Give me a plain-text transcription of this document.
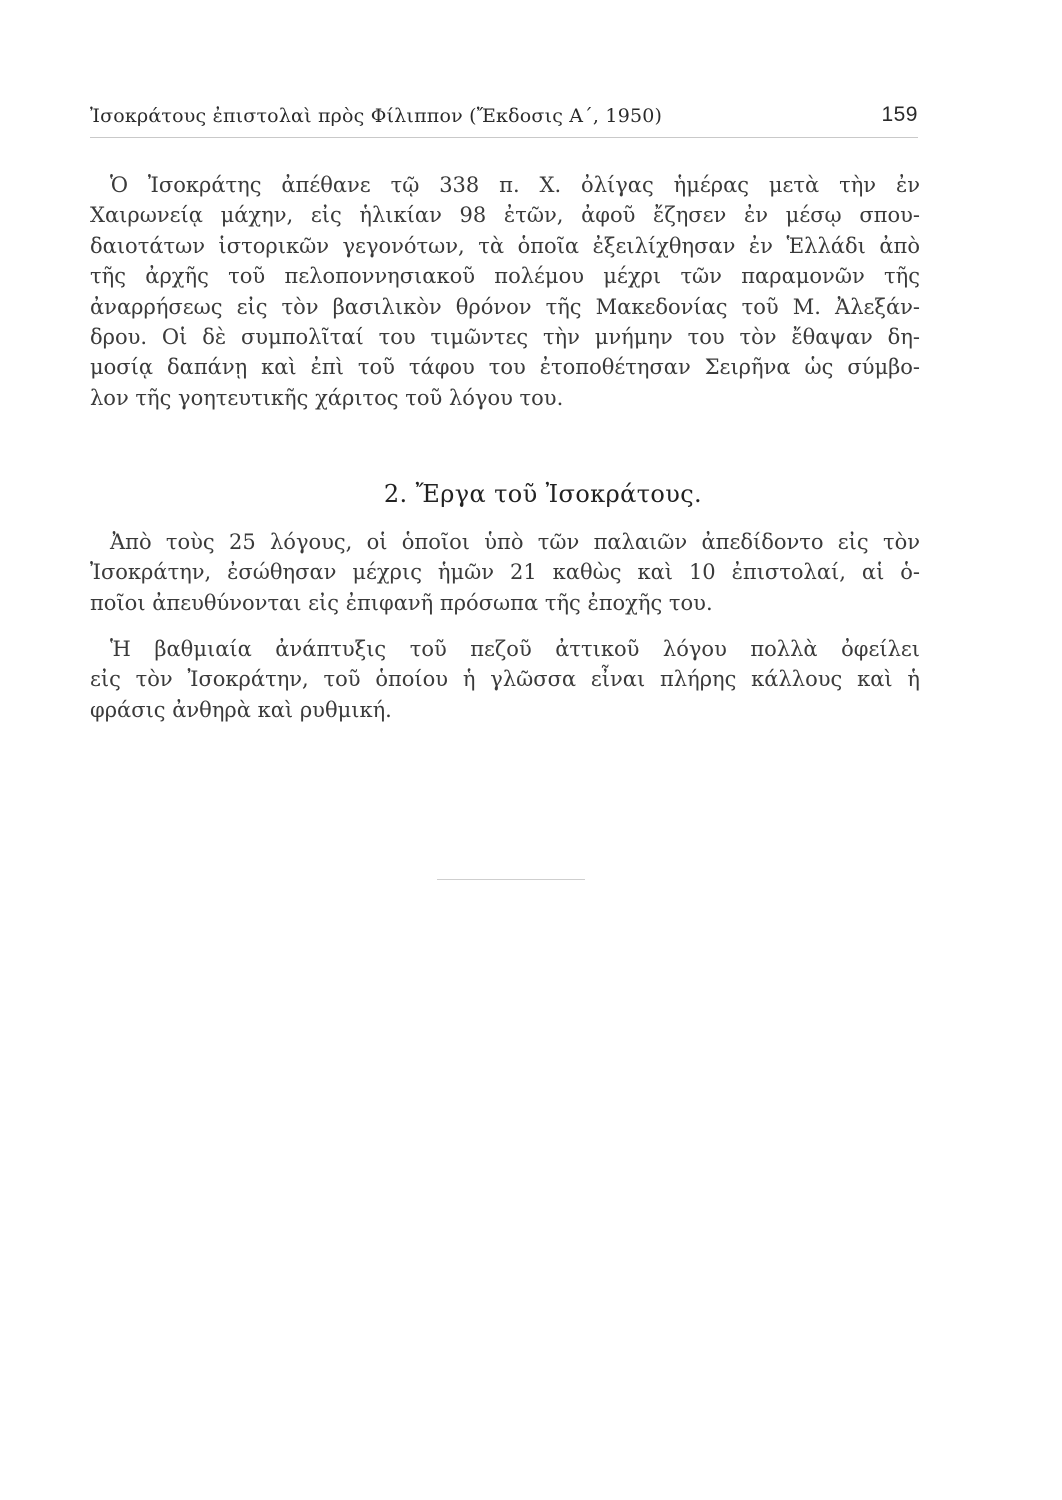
Ἰσοκράτους ἐπιστολαὶ πρὸς Φίλιππον (Ἔκδοσις Α΄, 1950)	159
Ὁ Ἰσοκράτης ἀπέθανε τῷ 338 π. Χ. ὀλίγας ἡμέρας μετὰ τὴν ἐν
Χαιρωνείᾳ μάχην, εἰς ἡλικίαν 98 ἐτῶν, ἀφοῦ ἔζησεν ἐν μέσῳ σπου-
δαιοτάτων ἱστορικῶν γεγονότων, τὰ ὁποῖα ἐξειλίχθησαν ἐν Ἑλλάδι ἀπὸ
τῆς ἀρχῆς τοῦ πελοποννησιακοῦ πολέμου μέχρι τῶν παραμονῶν τῆς
ἀναρρήσεως εἰς τὸν βασιλικὸν θρόνον τῆς Μακεδονίας τοῦ Μ. Ἀλεξάν-
δρου. Οἱ δὲ συμπολῖταί του τιμῶντες τὴν μνήμην του τὸν ἔθαψαν δη-
μοσίᾳ δαπάνῃ καὶ ἐπὶ τοῦ τάφου του ἐτοποθέτησαν Σειρῆνα ὡς σύμβο-
λον τῆς γοητευτικῆς χάριτος τοῦ λόγου του.
2. Ἔργα τοῦ Ἰσοκράτους.
Ἀπὸ τοὺς 25 λόγους, οἱ ὁποῖοι ὑπὸ τῶν παλαιῶν ἀπεδίδοντο εἰς τὸν
Ἰσοκράτην, ἐσώθησαν μέχρις ἡμῶν 21 καθὼς καὶ 10 ἐπιστολαί, αἱ ὁ-
ποῖοι ἀπευθύνονται εἰς ἐπιφανῆ πρόσωπα τῆς ἐποχῆς του.
Ἡ βαθμιαία ἀνάπτυξις τοῦ πεζοῦ ἀττικοῦ λόγου πολλὰ ὀφείλει
εἰς τὸν Ἰσοκράτην, τοῦ ὁποίου ἡ γλῶσσα εἶναι πλήρης κάλλους καὶ ἡ
φράσις ἀνθηρὰ καὶ ρυθμική.
